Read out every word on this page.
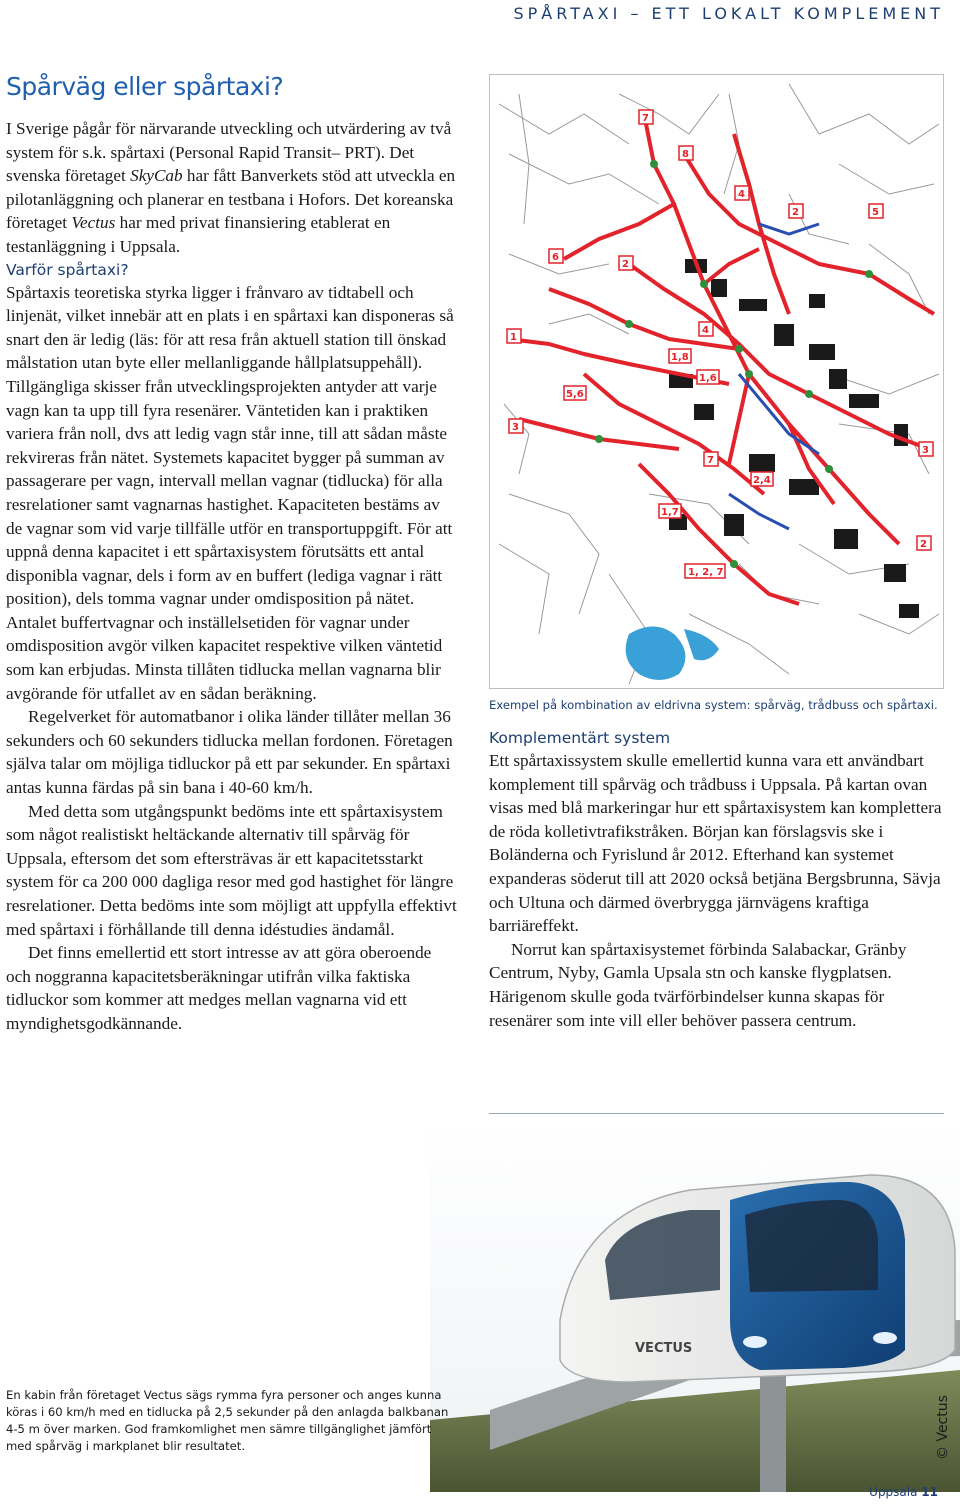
SPÅRTAXI – ETT LOKALT KOMPLEMENT
Spårväg eller spårtaxi?

I Sverige pågår för närvarande utveckling och utvärdering av två system för s.k. spårtaxi (Personal Rapid Transit– PRT). Det svenska företaget SkyCab har fått Banverkets stöd att utveckla en pilotanläggning och planerar en testbana i Hofors. Det koreanska företaget Vectus har med privat finansiering etablerat en testanläggning i Uppsala.

Varför spårtaxi?

Spårtaxis teoretiska styrka ligger i frånvaro av tidtabell och linjenät, vilket innebär att en plats i en spårtaxi kan disponeras så snart den är ledig (läs: för att resa från aktuell station till önskad målstation utan byte eller mellanliggande hållplatsuppehåll). Tillgängliga skisser från utvecklingsprojekten antyder att varje vagn kan ta upp till fyra resenärer. Väntetiden kan i praktiken variera från noll, dvs att ledig vagn står inne, till att sådan måste rekvireras från nätet. Systemets kapacitet bygger på summan av passagerare per vagn, intervall mellan vagnar (tidlucka) för alla resrelationer samt vagnarnas hastighet. Kapaciteten bestäms av de vagnar som vid varje tillfälle utför en transportuppgift. För att uppnå denna kapacitet i ett spårtaxisystem förutsätts ett antal disponibla vagnar, dels i form av en buffert (lediga vagnar i rätt position), dels tomma vagnar under omdisposition på nätet. Antalet buffertvagnar och inställelsetiden för vagnar under omdisposition avgör vilken kapacitet respektive vilken väntetid som kan erbjudas. Minsta tillåten tidlucka mellan vagnarna blir avgörande för utfallet av en sådan beräkning.

Regelverket för automatbanor i olika länder tillåter mellan 36 sekunders och 60 sekunders tidlucka mellan fordonen. Företagen själva talar om möjliga tidluckor på ett par sekunder. En spårtaxi antas kunna färdas på sin bana i 40-60 km/h.

Med detta som utgångspunkt bedöms inte ett spårtaxisystem som något realistiskt heltäckande alternativ till spårväg för Uppsala, eftersom det som eftersträvas är ett kapacitetsstarkt system för ca 200 000 dagliga resor med god hastighet för längre resrelationer. Detta bedöms inte som möjligt att uppfylla effektivt med spårtaxi i förhållande till denna idéstudies ändamål.

Det finns emellertid ett stort intresse av att göra oberoende och noggranna kapacitetsberäkningar utifrån vilka faktiska tidluckor som kommer att medges mellan vagnarna vid ett myndighetsgodkännande.

7
8
4
2
2
4
1
1,8
1,6
5,6
7
2,4
1,7
1, 2, 7
2
3
6
5
3
Exempel på kombination av eldrivna system: spårväg, trådbuss och spårtaxi.

Komplementärt system

Ett spårtaxissystem skulle emellertid kunna vara ett användbart komplement till spårväg och trådbuss i Uppsala. På kartan ovan visas med blå markeringar hur ett spårtaxisystem kan komplettera de röda kolletivtrafikstråken. Början kan förslagsvis ske i Boländerna och Fyrislund år 2012. Efterhand kan systemet expanderas söderut till att 2020 också betjäna Bergsbrunna, Sävja och Ultuna och därmed överbrygga järnvägens kraftiga barriäreffekt.

Norrut kan spårtaxisystemet förbinda Salabackar, Gränby Centrum, Nyby, Gamla Upsala stn och kanske flygplatsen. Härigenom skulle goda tvärförbindelser kunna skapas för resenärer som inte vill eller behöver passera centrum.

VECTUS
En kabin från företaget Vectus sägs rymma fyra personer och anges kunna köras i 60 km/h med en tidlucka på 2,5 sekunder på den anlagda balkbanan 4-5 m över marken. God framkomlighet men sämre tillgänglighet jämfört med spårväg i markplanet blir resultatet.	© Vectus
Uppsala 11
